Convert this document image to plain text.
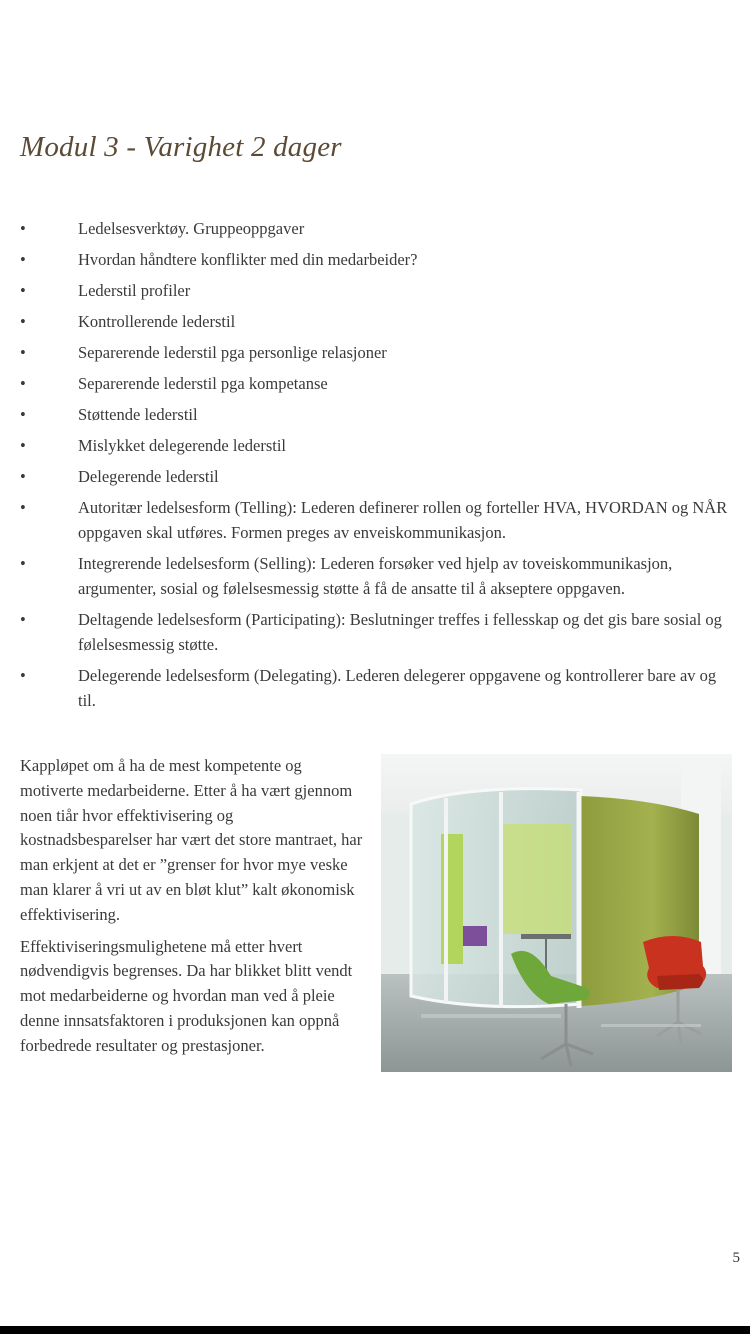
Modul 3 - Varighet 2 dager
•	Ledelsesverktøy. Gruppeoppgaver
•	Hvordan håndtere konflikter med din medarbeider?
•	Lederstil profiler
•	Kontrollerende lederstil
•	Separerende lederstil pga personlige relasjoner
•	Separerende lederstil pga kompetanse
•	Støttende lederstil
•	Mislykket delegerende lederstil
•	Delegerende lederstil
•	Autoritær ledelsesform (Telling): Lederen definerer rollen og forteller HVA, HVORDAN og NÅR oppgaven skal utføres. Formen preges av enveiskommunikasjon.
•	Integrerende ledelsesform (Selling): Lederen forsøker ved hjelp av toveiskommunikasjon, argumenter, sosial og følelsesmessig støtte å få de ansatte til å akseptere oppgaven.
•	Deltagende ledelsesform (Participating): Beslutninger treffes i fellesskap og det gis bare sosial og følelsesmessig støtte.
•	Delegerende ledelsesform (Delegating). Lederen delegerer oppgavene og kontrollerer bare av og til.

Kappløpet om å ha de mest kompetente og motiverte medarbeiderne. Etter å ha vært gjennom noen tiår hvor effektivisering og kostnadsbesparelser har vært det store mantraet, har man erkjent at det er ”grenser for hvor mye veske man klarer å vri ut av en bløt klut” kalt økonomisk effektivisering.

Effektiviseringsmulighetene må etter hvert nødvendigvis begrenses. Da har blikket blitt vendt mot medarbeiderne og hvordan man ved å pleie denne innsatsfaktoren i produksjonen kan oppnå forbedrede resultater og prestasjoner.

5
